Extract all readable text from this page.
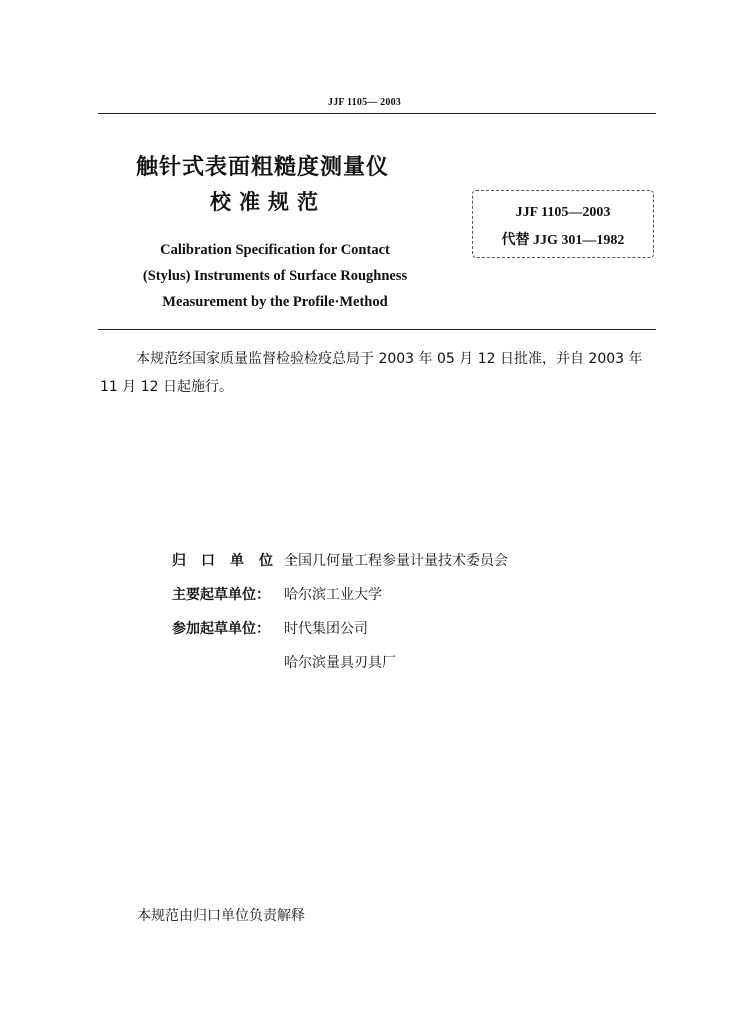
JJF 1105— 2003
触针式表面粗糙度测量仪
校准规范
Calibration Specification for Contact
(Stylus) Instruments of Surface Roughness
Measurement by the Profile·Method
JJF 1105—2003
代替 JJG 301—1982
本规范经国家质量监督检验检疫总局于 2003 年 05 月 12 日批准，并自 2003 年 11 月 12 日起施行。
归口单位：全国几何量工程参量计量技术委员会
主要起草单位： 哈尔滨工业大学
参加起草单位： 时代集团公司
哈尔滨量具刃具厂
本规范由归口单位负责解释
